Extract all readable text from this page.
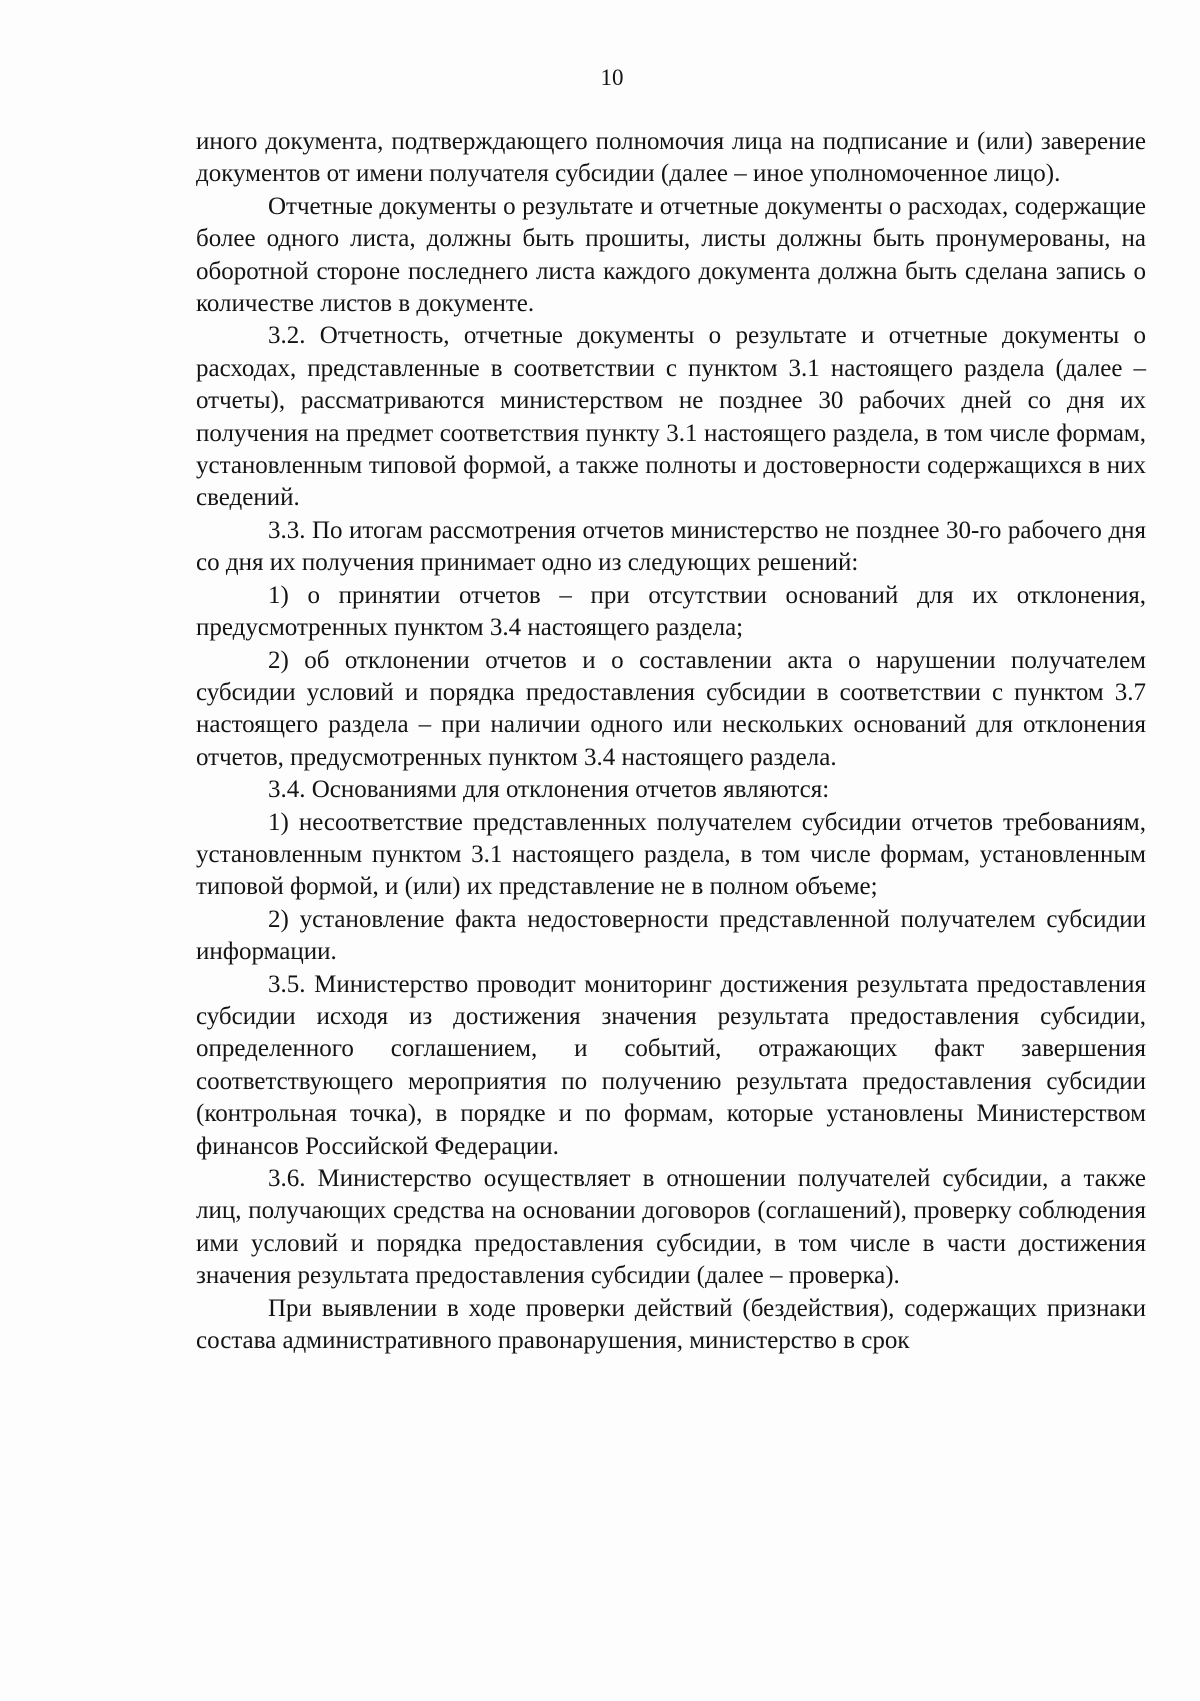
10

иного документа, подтверждающего полномочия лица на подписание и (или) заверение документов от имени получателя субсидии (далее – иное уполномоченное лицо).

Отчетные документы о результате и отчетные документы о расходах, содержащие более одного листа, должны быть прошиты, листы должны быть пронумерованы, на оборотной стороне последнего листа каждого документа должна быть сделана запись о количестве листов в документе.

3.2. Отчетность, отчетные документы о результате и отчетные документы о расходах, представленные в соответствии с пунктом 3.1 настоящего раздела (далее – отчеты), рассматриваются министерством не позднее 30 рабочих дней со дня их получения на предмет соответствия пункту 3.1 настоящего раздела, в том числе формам, установленным типовой формой, а также полноты и достоверности содержащихся в них сведений.

3.3. По итогам рассмотрения отчетов министерство не позднее 30-го рабочего дня со дня их получения принимает одно из следующих решений:

1) о принятии отчетов – при отсутствии оснований для их отклонения, предусмотренных пунктом 3.4 настоящего раздела;

2) об отклонении отчетов и о составлении акта о нарушении получателем субсидии условий и порядка предоставления субсидии в соответствии с пунктом 3.7 настоящего раздела – при наличии одного или нескольких оснований для отклонения отчетов, предусмотренных пунктом 3.4 настоящего раздела.

3.4. Основаниями для отклонения отчетов являются:

1) несоответствие представленных получателем субсидии отчетов требованиям, установленным пунктом 3.1 настоящего раздела, в том числе формам, установленным типовой формой, и (или) их представление не в полном объеме;

2) установление факта недостоверности представленной получателем субсидии информации.

3.5. Министерство проводит мониторинг достижения результата предоставления субсидии исходя из достижения значения результата предоставления субсидии, определенного соглашением, и событий, отражающих факт завершения соответствующего мероприятия по получению результата предоставления субсидии (контрольная точка), в порядке и по формам, которые установлены Министерством финансов Российской Федерации.

3.6. Министерство осуществляет в отношении получателей субсидии, а также лиц, получающих средства на основании договоров (соглашений), проверку соблюдения ими условий и порядка предоставления субсидии, в том числе в части достижения значения результата предоставления субсидии (далее – проверка).

При выявлении в ходе проверки действий (бездействия), содержащих признаки состава административного правонарушения, министерство в срок
